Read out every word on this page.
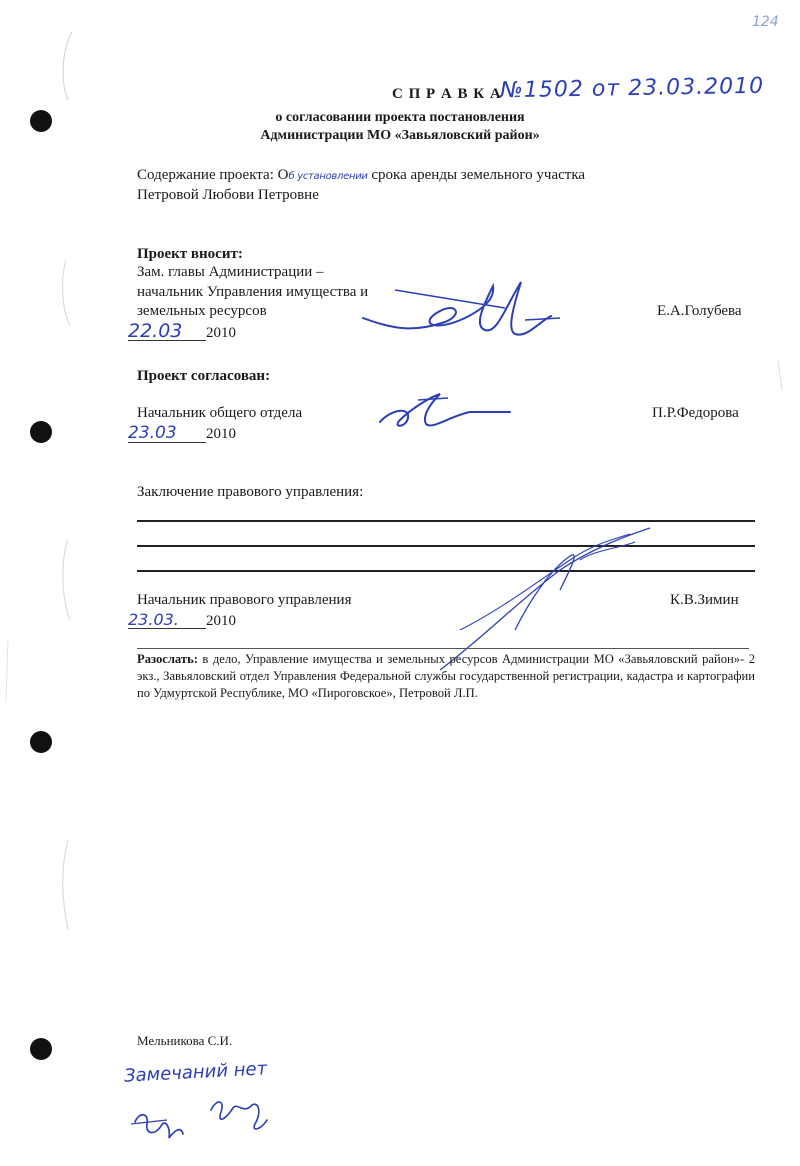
124
С П Р А В К А
№1502 от 23.03.2010
о согласовании проекта постановления
Администрации МО «Завьяловский район»
Содержание проекта: Об установлении срока аренды земельного участка
Петровой Любови Петровне
Проект вносит:
Зам. главы Администрации –
начальник Управления имущества и
земельных ресурсов	Е.А.Голубева
22.03 2010
Проект согласован:
Начальник общего отдела	П.Р.Федорова
23.03 2010
Заключение правового управления:
Начальник правового управления	К.В.Зимин
23.03. 2010
Разослать: в дело, Управление имущества и земельных ресурсов Администрации МО «Завьяловский район»- 2 экз., Завьяловский отдел Управления Федеральной службы государственной регистрации, кадастра и картографии по Удмуртской Республике, МО «Пироговское», Петровой Л.П.
Мельникова С.И.
Замечаний нет
